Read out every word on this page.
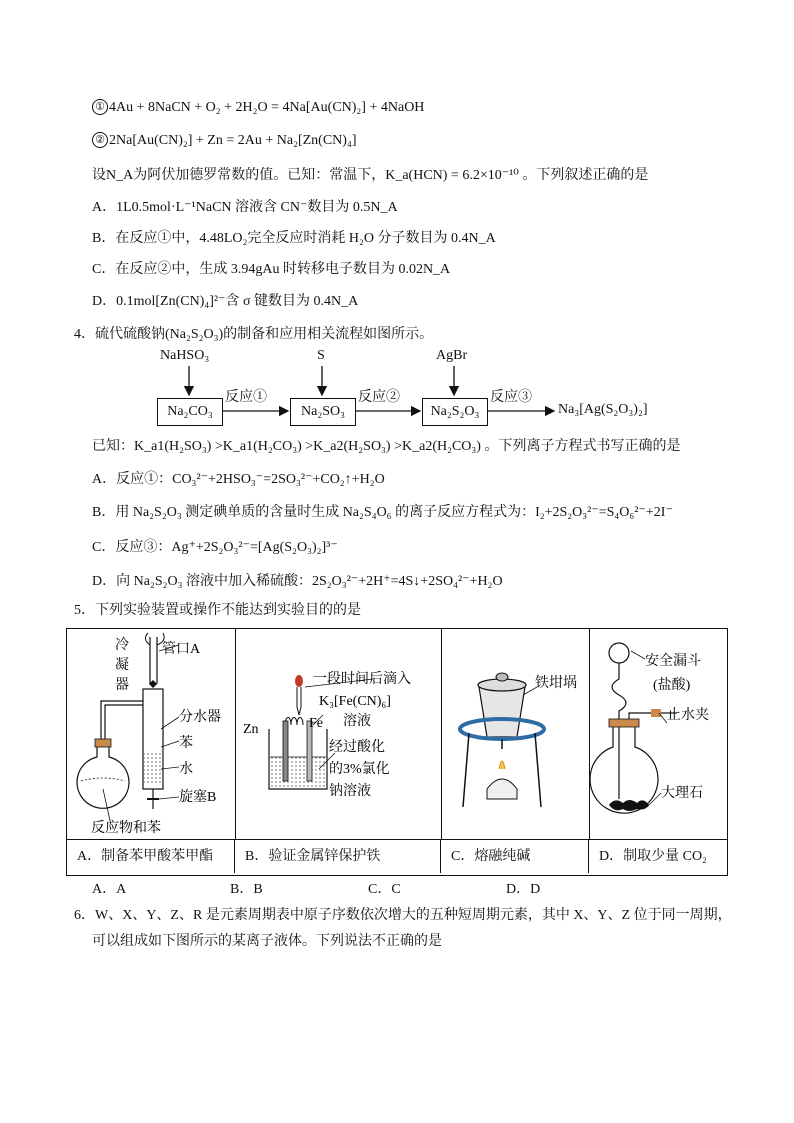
① 4Au + 8NaCN + O₂ + 2H₂O = 4Na[Au(CN)₂] + 4NaOH
② 2Na[Au(CN)₂] + Zn = 2Au + Na₂[Zn(CN)₄]
设N_A为阿伏加德罗常数的值。已知：常温下，K_a(HCN) = 6.2×10⁻¹⁰ 。下列叙述正确的是
A．1L0.5mol·L⁻¹NaCN 溶液含 CN⁻数目为 0.5N_A
B．在反应①中，4.48LO₂完全反应时消耗 H₂O 分子数目为 0.4N_A
C．在反应②中，生成 3.94gAu 时转移电子数目为 0.02N_A
D．0.1mol[Zn(CN)₄]²⁻含 σ 键数目为 0.4N_A
4．硫代硫酸钠(Na₂S₂O₃)的制备和应用相关流程如图所示。
NaHSO₃	S	AgBr
Na₂CO₃	Na₂SO₃	Na₂S₂O₃
反应①	反应②	反应③
Na₃[Ag(S₂O₃)₂]
已知：K_a1(H₂SO₃) >K_a1(H₂CO₃) >K_a2(H₂SO₃) >K_a2(H₂CO₃) 。下列离子方程式书写正确的是
A．反应①：CO₃²⁻+2HSO₃⁻=2SO₃²⁻+CO₂↑+H₂O
B．用 Na₂S₂O₃ 测定碘单质的含量时生成 Na₂S₄O₆ 的离子反应方程式为：I₂+2S₂O₃²⁻=S₄O₆²⁻+2I⁻
C．反应③：Ag⁺+2S₂O₃²⁻=[Ag(S₂O₃)₂]³⁻
D．向 Na₂S₂O₃ 溶液中加入稀硫酸：2S₂O₃²⁻+2H⁺=4S↓+2SO₄²⁻+H₂O
5．下列实验装置或操作不能达到实验目的的是
冷
凝
器
管口A
分水器
苯
水
旋塞B
反应物和苯
一段时间后滴入
K₃[Fe(CN)₆]
溶液
Zn	Fe
经过酸化
的3%氯化
钠溶液
铁坩埚
安全漏斗
(盐酸)
止水夹
大理石
A．制备苯甲酸苯甲酯	B．验证金属锌保护铁	C．熔融纯碱	D．制取少量 CO₂
A．A	B．B	C．C	D．D
6．W、X、Y、Z、R 是元素周期表中原子序数依次增大的五种短周期元素，其中 X、Y、Z 位于同一周期，
可以组成如下图所示的某离子液体。下列说法不正确的是
